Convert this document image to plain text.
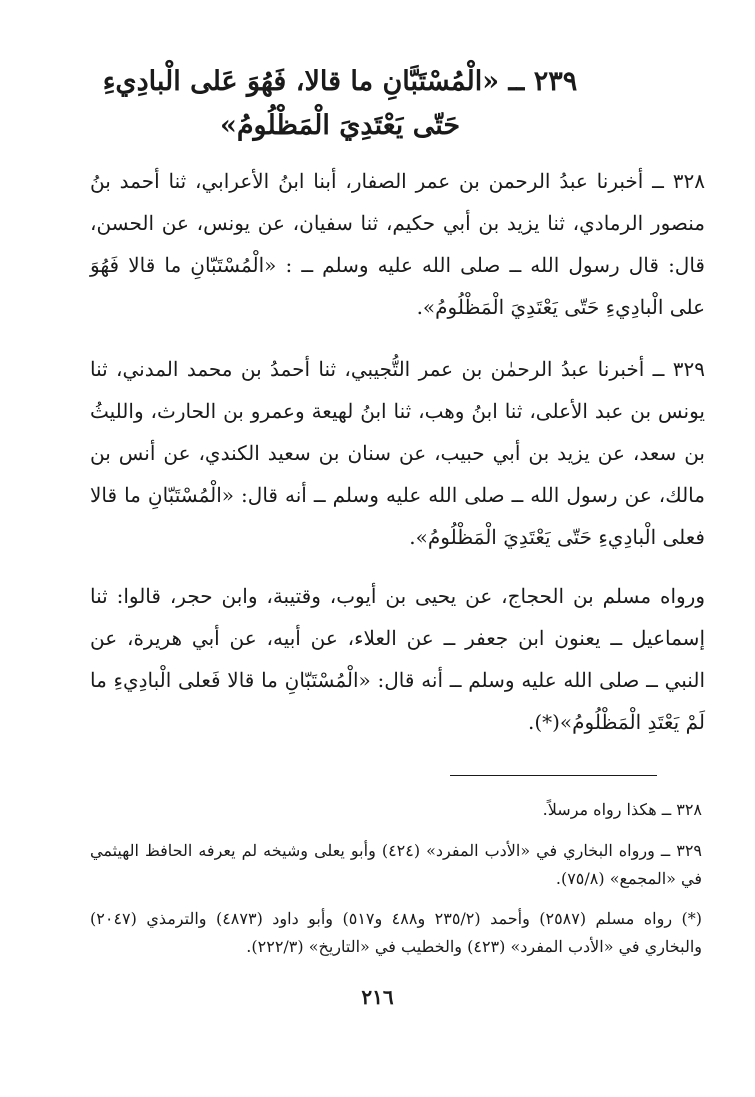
٢٣٩ ــ «الْمُسْتَبَّانِ ما قالا، فَهُوَ عَلى الْبادِيءِ
حَتّى يَعْتَدِيَ الْمَظْلُومُ»

٣٢٨ ــ أخبرنا عبدُ الرحمن بن عمر الصفار، أبنا ابنُ الأعرابي، ثنا أحمد بنُ منصور الرمادي، ثنا يزيد بن أبي حكيم، ثنا سفيان، عن يونس، عن الحسن، قال: قال رسول الله ــ صلى الله عليه وسلم ــ : «الْمُسْتَبّانِ ما قالا فَهُوَ على الْبادِيءِ حَتّى يَعْتَدِيَ الْمَظْلُومُ».

٣٢٩ ــ أخبرنا عبدُ الرحمٰن بن عمر التُّجيبي، ثنا أحمدُ بن محمد المدني، ثنا يونس بن عبد الأعلى، ثنا ابنُ وهب، ثنا ابنُ لهيعة وعمرو بن الحارث، والليثُ بن سعد، عن يزيد بن أبي حبيب، عن سنان بن سعيد الكندي، عن أنس بن مالك، عن رسول الله ــ صلى الله عليه وسلم ــ أنه قال: «الْمُسْتَبّانِ ما قالا فعلى الْبادِيءِ حَتّى يَعْتَدِيَ الْمَظْلُومُ».

ورواه مسلم بن الحجاج، عن يحيى بن أيوب، وقتيبة، وابن حجر، قالوا: ثنا إسماعيل ــ يعنون ابن جعفر ــ عن العلاء، عن أبيه، عن أبي هريرة، عن النبي ــ صلى الله عليه وسلم ــ أنه قال: «الْمُسْتَبّانِ ما قالا فَعلى الْبادِيءِ ما لَمْ يَعْتَدِ الْمَظْلُومُ»(*).

٣٢٨ ــ هكذا رواه مرسلاً.

٣٢٩ ــ ورواه البخاري في «الأدب المفرد» (٤٢٤) وأبو يعلى وشيخه لم يعرفه الحافظ الهيثمي في «المجمع» (٧٥/٨).

(*) رواه مسلم (٢٥٨٧) وأحمد (٢٣٥/٢ و٤٨٨ و٥١٧) وأبو داود (٤٨٧٣) والترمذي (٢٠٤٧) والبخاري في «الأدب المفرد» (٤٢٣) والخطيب في «التاريخ» (٢٢٢/٣).

٢١٦
